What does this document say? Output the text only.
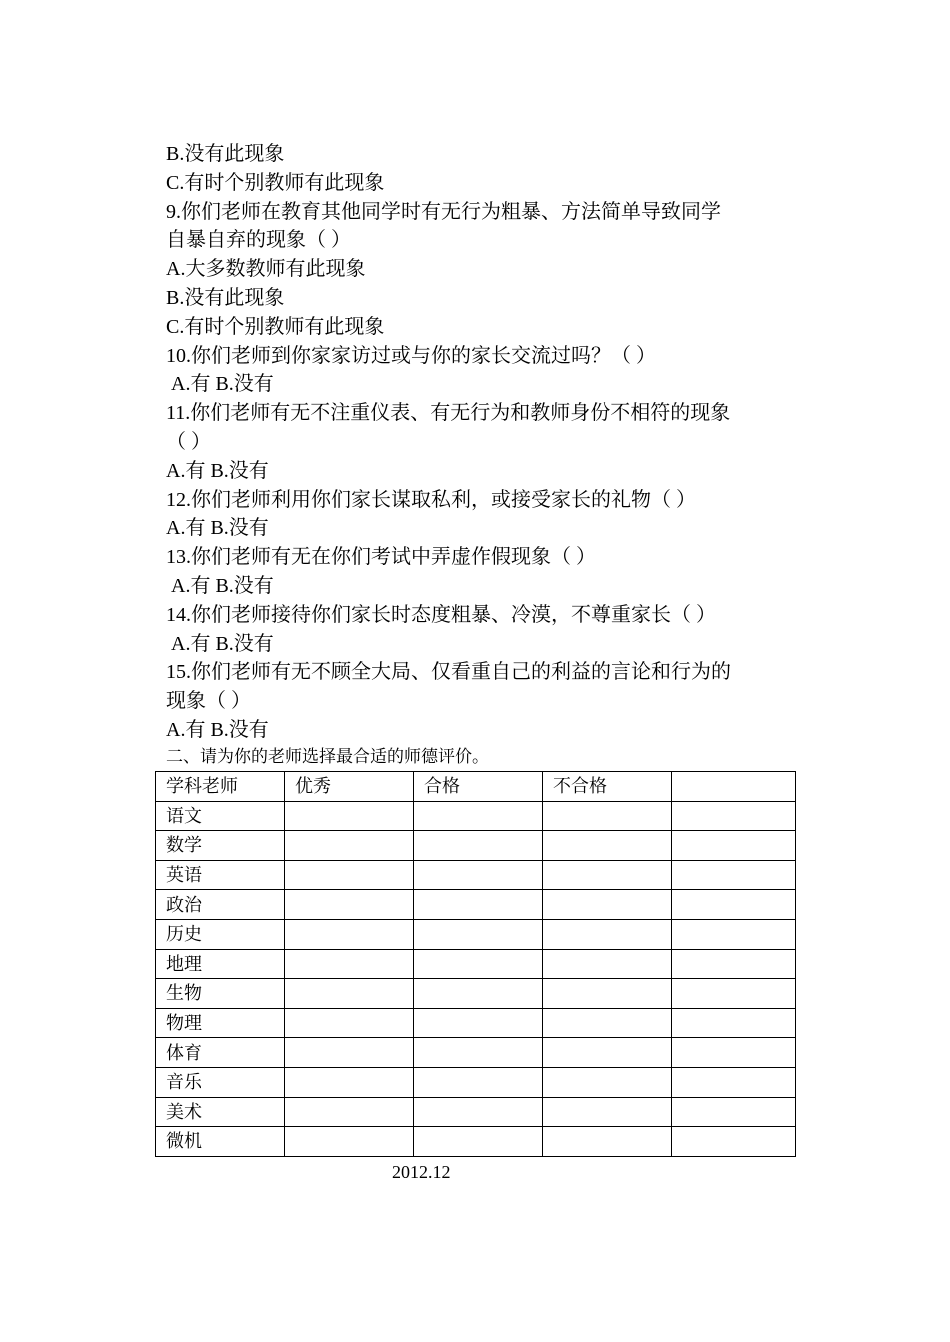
B.没有此现象
C.有时个别教师有此现象
9.你们老师在教育其他同学时有无行为粗暴、方法简单导致同学
自暴自弃的现象（ ）
A.大多数教师有此现象
B.没有此现象
C.有时个别教师有此现象
10.你们老师到你家家访过或与你的家长交流过吗？（ ）
A.有 B.没有
11.你们老师有无不注重仪表、有无行为和教师身份不相符的现象
（ ）
A.有 B.没有
12.你们老师利用你们家长谋取私利，或接受家长的礼物（ ）
A.有 B.没有
13.你们老师有无在你们考试中弄虚作假现象（ ）
A.有 B.没有
14.你们老师接待你们家长时态度粗暴、冷漠，不尊重家长（ ）
A.有 B.没有
15.你们老师有无不顾全大局、仅看重自己的利益的言论和行为的
现象（ ）
A.有 B.没有
二、请为你的老师选择最合适的师德评价。
学科老师	优秀	合格	不合格	
语文				
数学				
英语				
政治				
历史				
地理				
生物				
物理				
体育				
音乐				
美术				
微机				
2012.12
